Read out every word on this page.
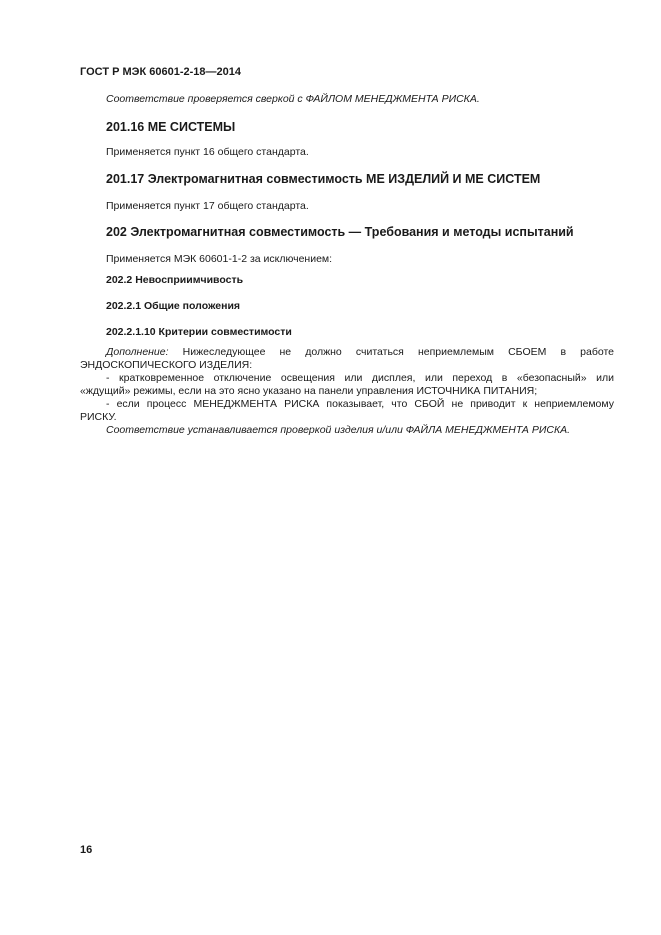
ГОСТ Р МЭК 60601-2-18—2014
Соответствие проверяется сверкой с ФАЙЛОМ МЕНЕДЖМЕНТА РИСКА.
201.16 МЕ СИСТЕМЫ
Применяется пункт 16 общего стандарта.
201.17 Электромагнитная совместимость МЕ ИЗДЕЛИЙ И МЕ СИСТЕМ
Применяется пункт 17 общего стандарта.
202 Электромагнитная совместимость — Требования и методы испытаний
Применяется МЭК 60601-1-2 за исключением:
202.2 Невосприимчивость
202.2.1 Общие положения
202.2.1.10 Критерии совместимости
Дополнение: Нижеследующее не должно считаться неприемлемым СБОЕМ в работе
ЭНДОСКОПИЧЕСКОГО ИЗДЕЛИЯ:
- кратковременное отключение освещения или дисплея, или переход в «безопасный» или
«ждущий» режимы, если на это ясно указано на панели управления ИСТОЧНИКА ПИТАНИЯ;
- если процесс МЕНЕДЖМЕНТА РИСКА показывает, что СБОЙ не приводит к неприемлемому
РИСКУ.
Соответствие устанавливается проверкой изделия и/или ФАЙЛА МЕНЕДЖМЕНТА РИСКА.
16
